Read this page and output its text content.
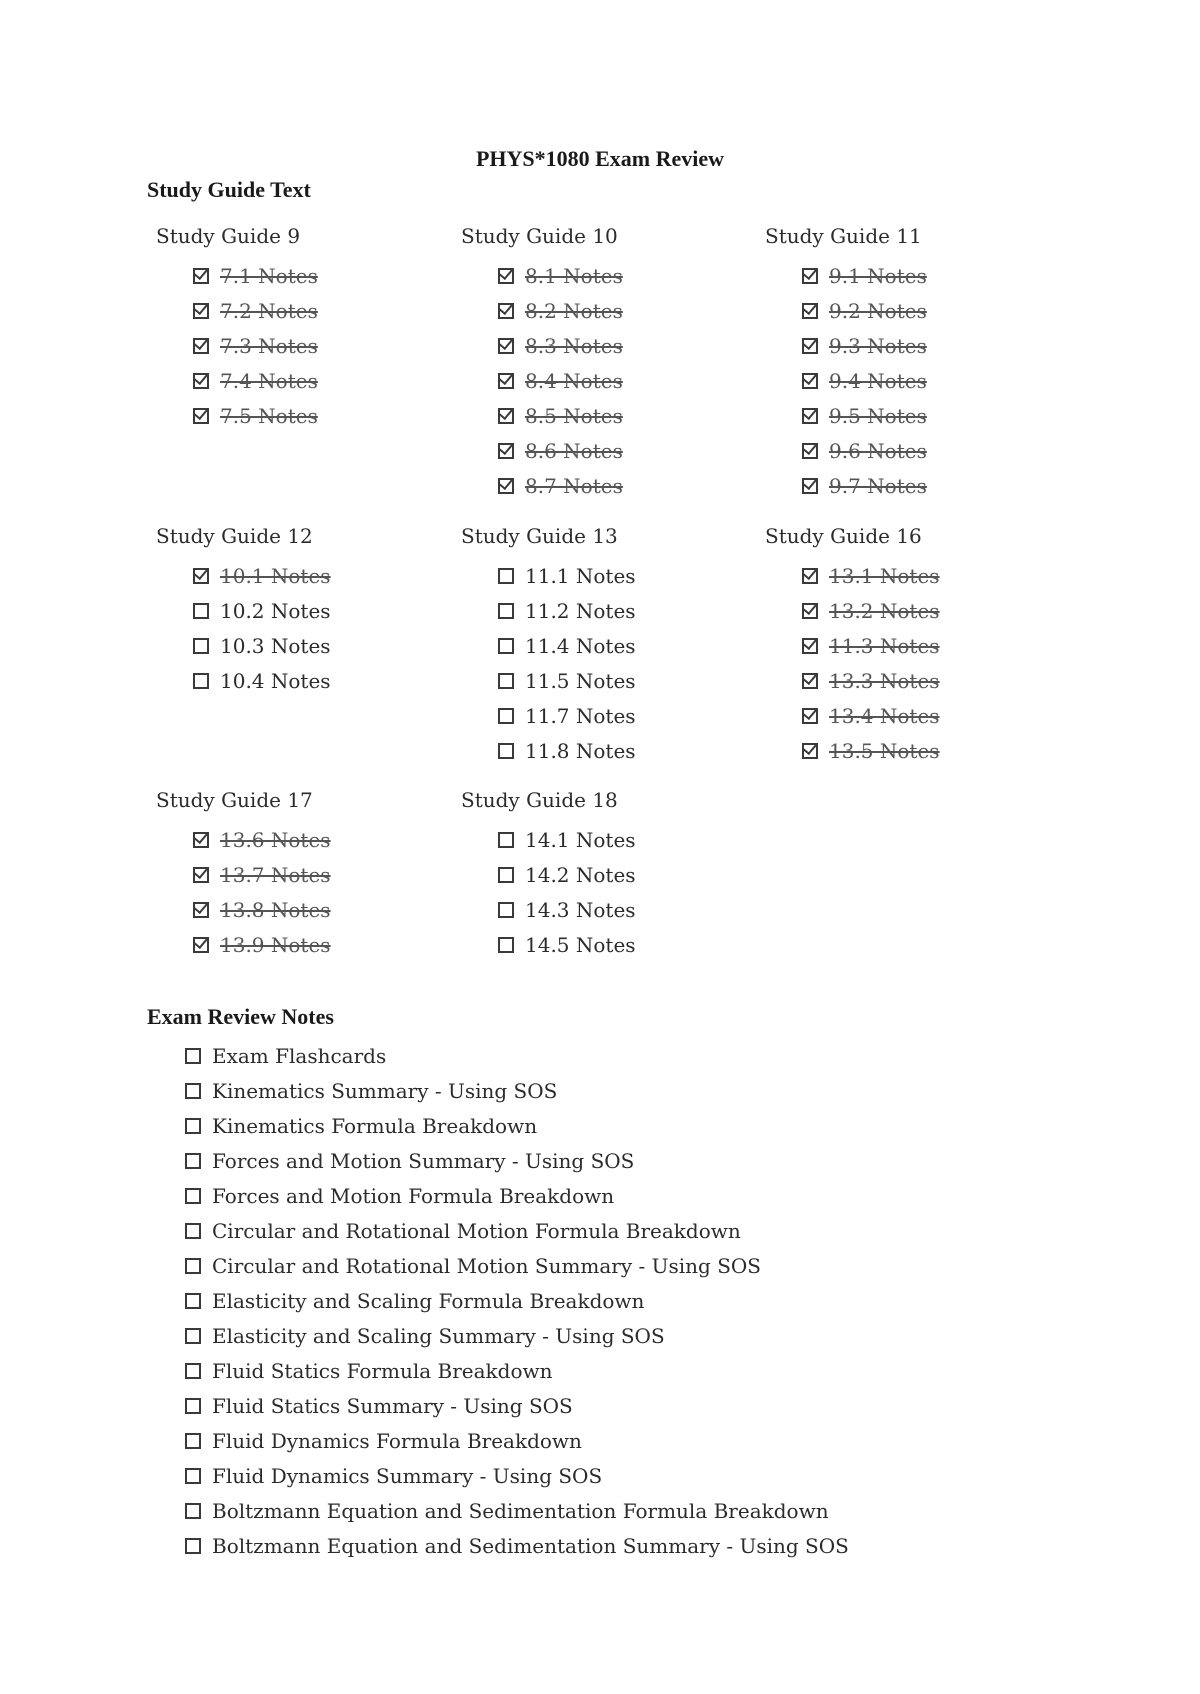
PHYS*1080 Exam Review
Study Guide Text
Study Guide 9
7.1 Notes
7.2 Notes
7.3 Notes
7.4 Notes
7.5 Notes
Study Guide 10
8.1 Notes
8.2 Notes
8.3 Notes
8.4 Notes
8.5 Notes
8.6 Notes
8.7 Notes
Study Guide 11
9.1 Notes
9.2 Notes
9.3 Notes
9.4 Notes
9.5 Notes
9.6 Notes
9.7 Notes
Study Guide 12
10.1 Notes
10.2 Notes
10.3 Notes
10.4 Notes
Study Guide 13
11.1 Notes
11.2 Notes
11.4 Notes
11.5 Notes
11.7 Notes
11.8 Notes
Study Guide 16
13.1 Notes
13.2 Notes
11.3 Notes
13.3 Notes
13.4 Notes
13.5 Notes
Study Guide 17
13.6 Notes
13.7 Notes
13.8 Notes
13.9 Notes
Study Guide 18
14.1 Notes
14.2 Notes
14.3 Notes
14.5 Notes
Exam Review Notes
Exam Flashcards
Kinematics Summary - Using SOS
Kinematics Formula Breakdown
Forces and Motion Summary - Using SOS
Forces and Motion Formula Breakdown
Circular and Rotational Motion Formula Breakdown
Circular and Rotational Motion Summary - Using SOS
Elasticity and Scaling Formula Breakdown
Elasticity and Scaling Summary - Using SOS
Fluid Statics Formula Breakdown
Fluid Statics Summary - Using SOS
Fluid Dynamics Formula Breakdown
Fluid Dynamics Summary - Using SOS
Boltzmann Equation and Sedimentation Formula Breakdown
Boltzmann Equation and Sedimentation Summary - Using SOS
